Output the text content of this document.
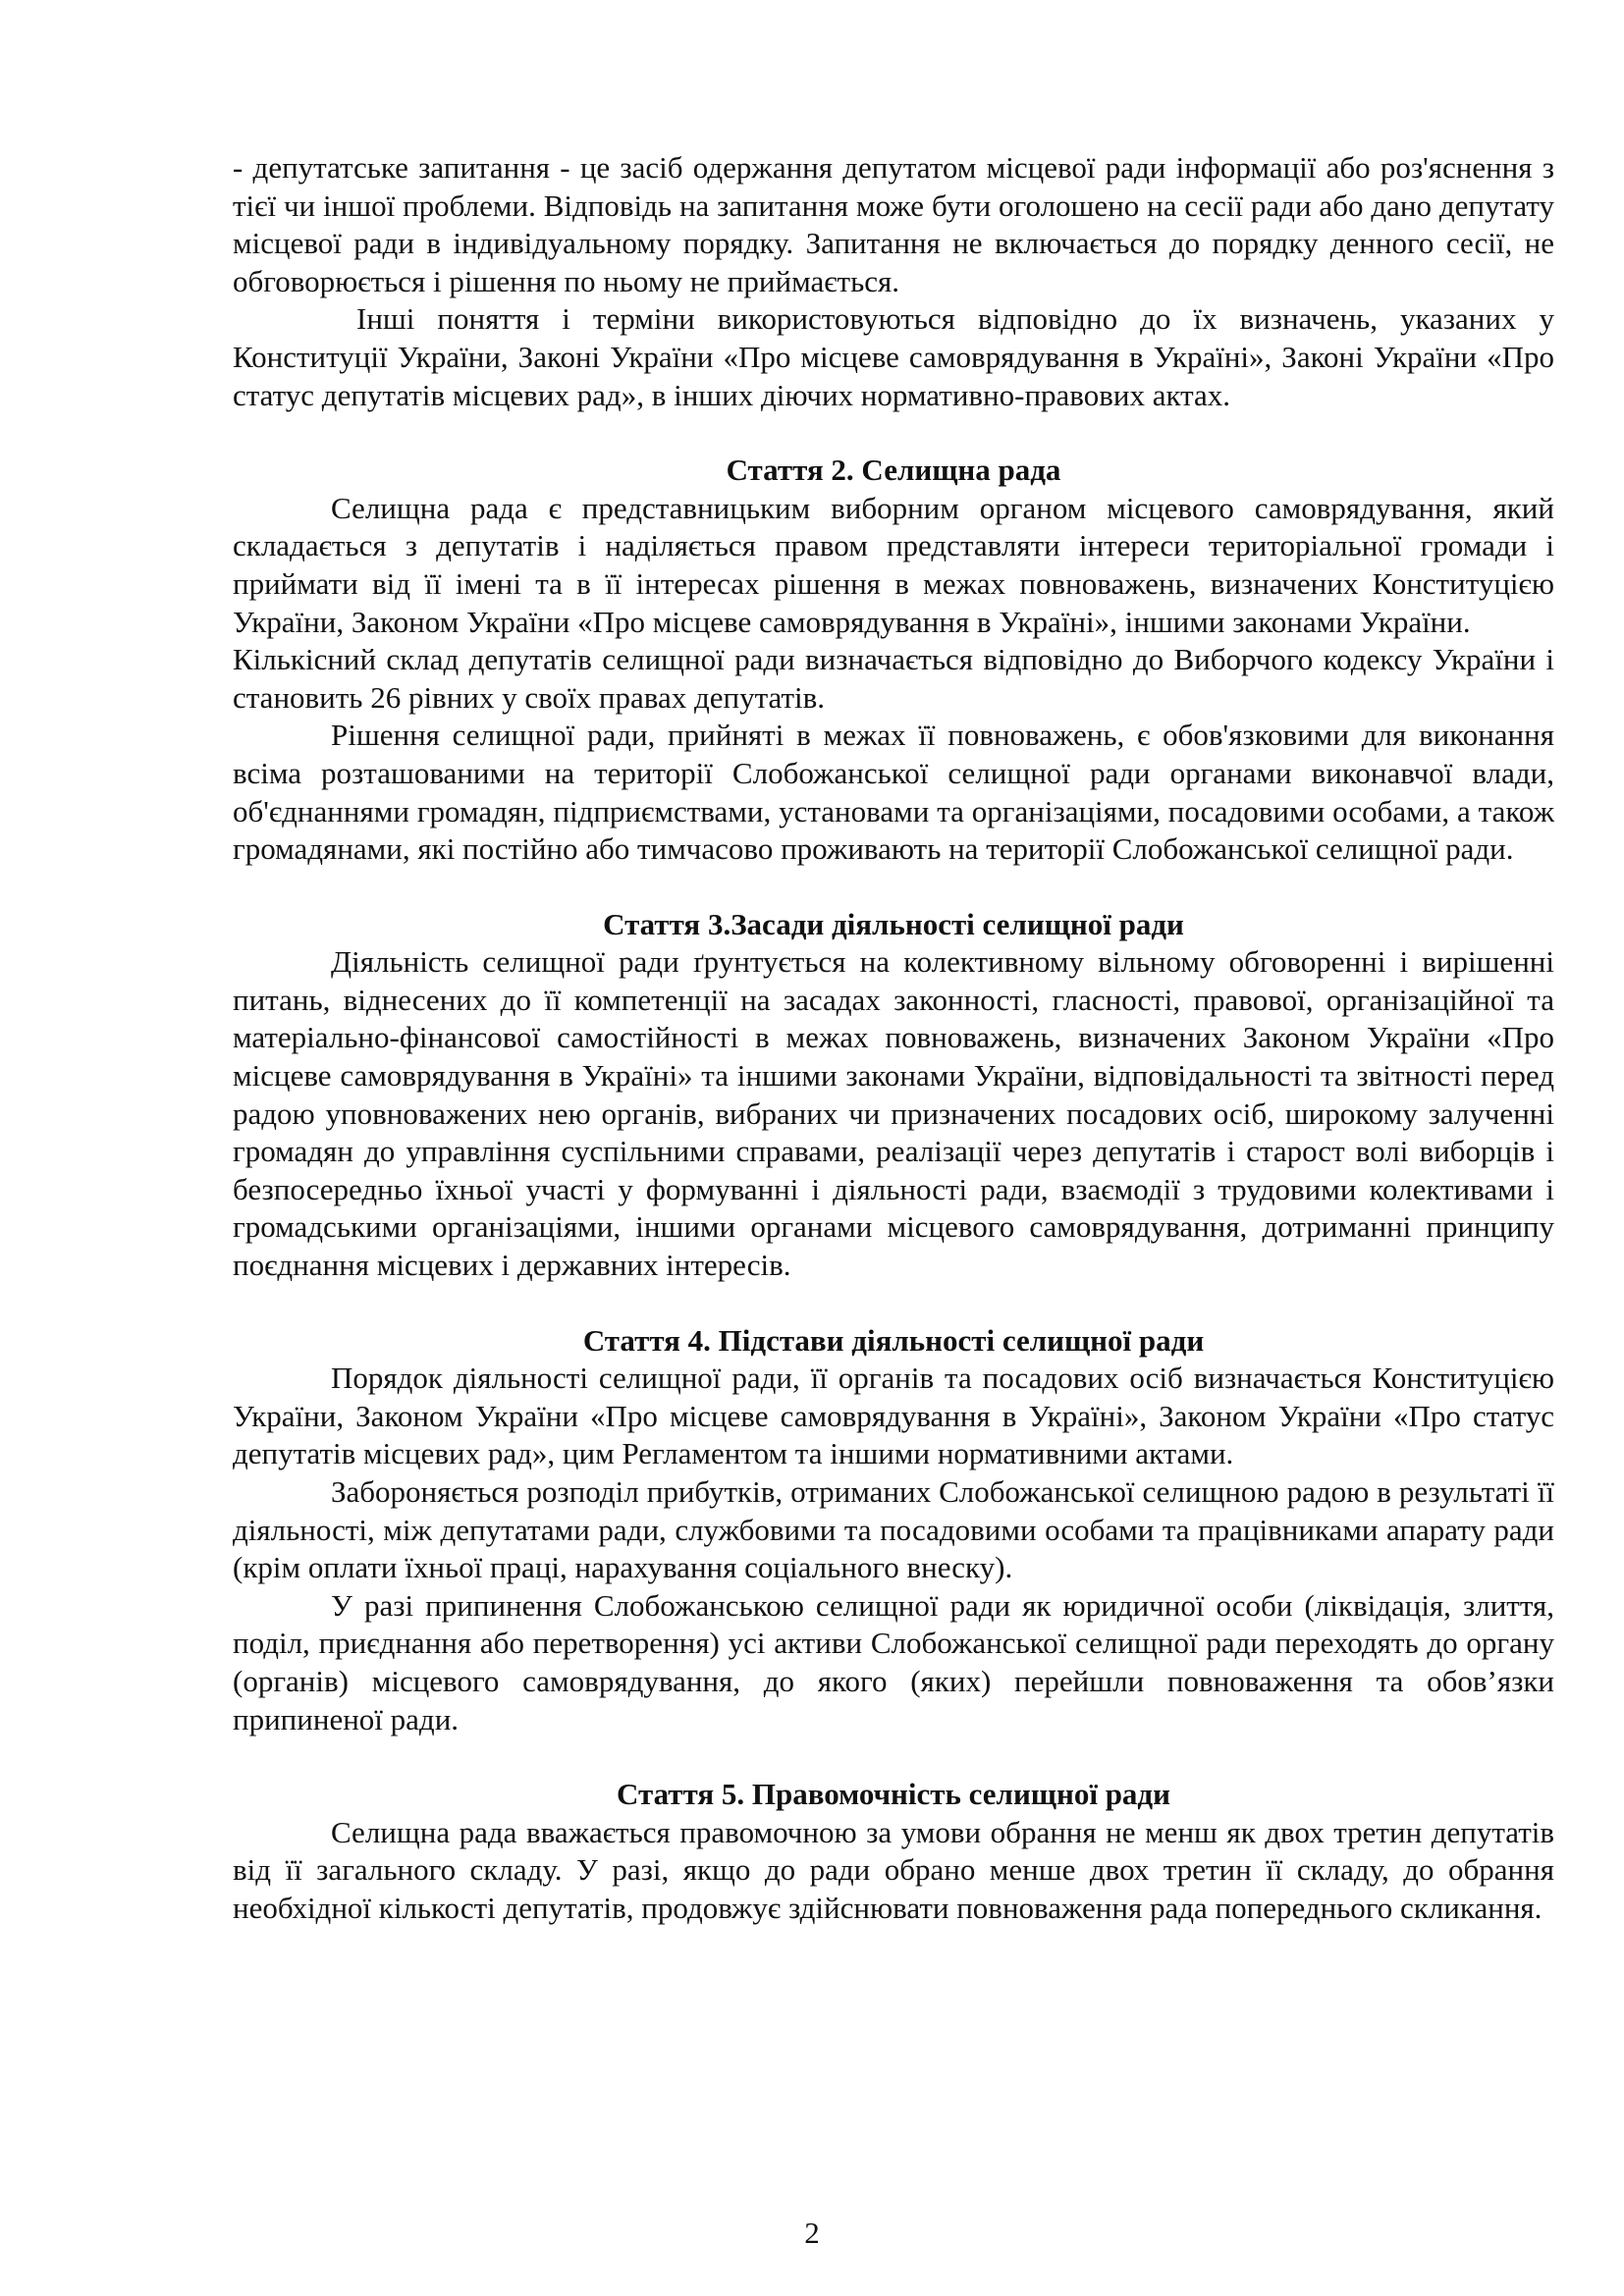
- депутатське запитання - це засіб одержання депутатом місцевої ради інформації або роз'яснення з тієї чи іншої проблеми. Відповідь на запитання може бути оголошено на сесії ради або дано депутату місцевої ради в індивідуальному порядку. Запитання не включається до порядку денного сесії, не обговорюється і рішення по ньому не приймається.

Інші поняття і терміни використовуються відповідно до їх визначень, указаних у Конституції України, Законі України «Про місцеве самоврядування в Україні», Законі України «Про статус депутатів місцевих рад», в інших діючих нормативно-правових актах.

Стаття 2. Селищна рада

Селищна рада є представницьким виборним органом місцевого самоврядування, який складається з депутатів і наділяється правом представляти інтереси територіальної громади і приймати від її імені та в її інтересах рішення в межах повноважень, визначених Конституцією України, Законом України «Про місцеве самоврядування в Україні», іншими законами України.

Кількісний склад депутатів селищної ради визначається відповідно до Виборчого кодексу України і становить 26 рівних у своїх правах депутатів.

Рішення селищної ради, прийняті в межах її повноважень, є обов'язковими для виконання всіма розташованими на території Слобожанської селищної ради органами виконавчої влади, об'єднаннями громадян, підприємствами, установами та організаціями, посадовими особами, а також громадянами, які постійно або тимчасово проживають на території Слобожанської селищної ради.

Стаття 3.Засади діяльності селищної ради

Діяльність селищної ради ґрунтується на колективному вільному обговоренні і вирішенні питань, віднесених до її компетенції на засадах законності, гласності, правової, організаційної та матеріально-фінансової самостійності в межах повноважень, визначених Законом України «Про місцеве самоврядування в Україні» та іншими законами України, відповідальності та звітності перед радою уповноважених нею органів, вибраних чи призначених посадових осіб, широкому залученні громадян до управління суспільними справами, реалізації через депутатів і старост волі виборців і безпосередньо їхньої участі у формуванні і діяльності ради, взаємодії з трудовими колективами і громадськими організаціями, іншими органами місцевого самоврядування, дотриманні принципу поєднання місцевих і державних інтересів.

Стаття 4. Підстави діяльності селищної ради

Порядок діяльності селищної ради, її органів та посадових осіб визначається Конституцією України, Законом України «Про місцеве самоврядування в Україні», Законом України «Про статус депутатів місцевих рад», цим Регламентом та іншими нормативними актами.

Забороняється розподіл прибутків, отриманих Слобожанської селищною радою в результаті її діяльності, між депутатами ради, службовими та посадовими особами та працівниками апарату ради (крім оплати їхньої праці, нарахування соціального внеску).

У разі припинення Слобожанською селищної ради як юридичної особи (ліквідація, злиття, поділ, приєднання або перетворення) усі активи Слобожанської селищної ради переходять до органу (органів) місцевого самоврядування, до якого (яких) перейшли повноваження та обов’язки припиненої ради.

Стаття 5. Правомочність селищної ради

Селищна рада вважається правомочною за умови обрання не менш як двох третин депутатів від її загального складу. У разі, якщо до ради обрано менше двох третин її складу, до обрання необхідної кількості депутатів, продовжує здійснювати повноваження рада попереднього скликання.

2
